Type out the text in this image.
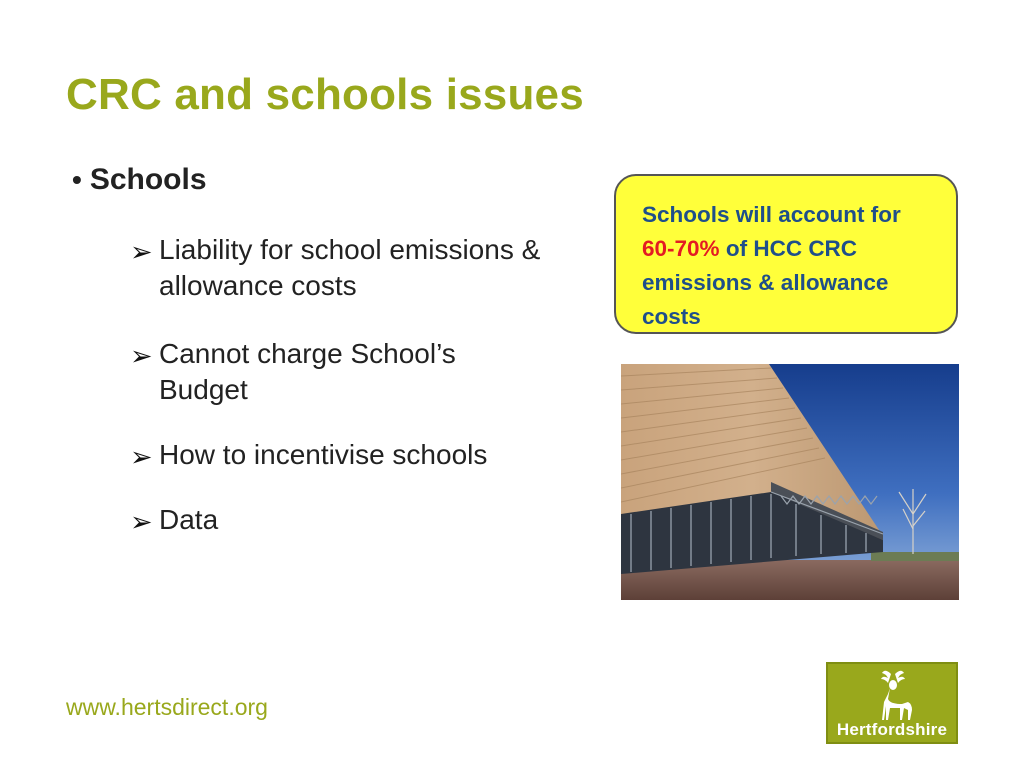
CRC and schools issues
• Schools
➢ Liability for school emissions & allowance costs
➢ Cannot charge School’s Budget
➢ How to incentivise schools
➢ Data
Schools will account for 60-70% of HCC CRC emissions & allowance costs
www.hertsdirect.org
Hertfordshire
